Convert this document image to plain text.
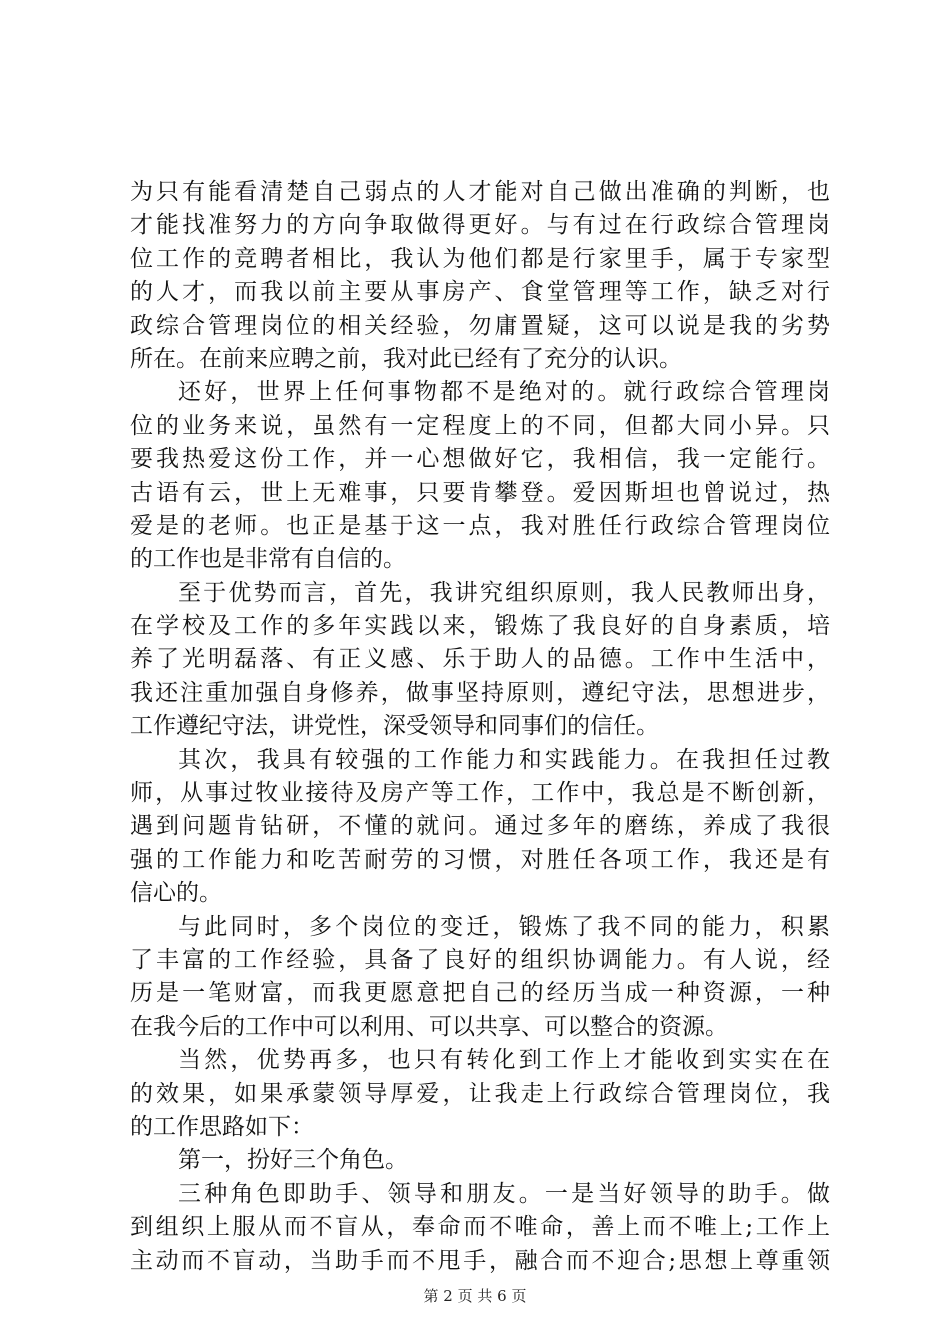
为只有能看清楚自己弱点的人才能对自己做出准确的判断，也
才能找准努力的方向争取做得更好。与有过在行政综合管理岗
位工作的竞聘者相比，我认为他们都是行家里手，属于专家型
的人才，而我以前主要从事房产、食堂管理等工作，缺乏对行
政综合管理岗位的相关经验，勿庸置疑，这可以说是我的劣势
所在。在前来应聘之前，我对此已经有了充分的认识。
还好，世界上任何事物都不是绝对的。就行政综合管理岗
位的业务来说，虽然有一定程度上的不同，但都大同小异。只
要我热爱这份工作，并一心想做好它，我相信，我一定能行。
古语有云，世上无难事，只要肯攀登。爱因斯坦也曾说过，热
爱是的老师。也正是基于这一点，我对胜任行政综合管理岗位
的工作也是非常有自信的。
至于优势而言，首先，我讲究组织原则，我人民教师出身，
在学校及工作的多年实践以来，锻炼了我良好的自身素质，培
养了光明磊落、有正义感、乐于助人的品德。工作中生活中，
我还注重加强自身修养，做事坚持原则，遵纪守法，思想进步，
工作遵纪守法，讲党性，深受领导和同事们的信任。
其次，我具有较强的工作能力和实践能力。在我担任过教
师，从事过牧业接待及房产等工作，工作中，我总是不断创新，
遇到问题肯钻研，不懂的就问。通过多年的磨练，养成了我很
强的工作能力和吃苦耐劳的习惯，对胜任各项工作，我还是有
信心的。
与此同时，多个岗位的变迁，锻炼了我不同的能力，积累
了丰富的工作经验，具备了良好的组织协调能力。有人说，经
历是一笔财富，而我更愿意把自己的经历当成一种资源，一种
在我今后的工作中可以利用、可以共享、可以整合的资源。
当然，优势再多，也只有转化到工作上才能收到实实在在
的效果，如果承蒙领导厚爱，让我走上行政综合管理岗位，我
的工作思路如下：
第一，扮好三个角色。
三种角色即助手、领导和朋友。一是当好领导的助手。做
到组织上服从而不盲从，奉命而不唯命，善上而不唯上;工作上
主动而不盲动，当助手而不甩手，融合而不迎合;思想上尊重领
第 2 页 共 6 页
